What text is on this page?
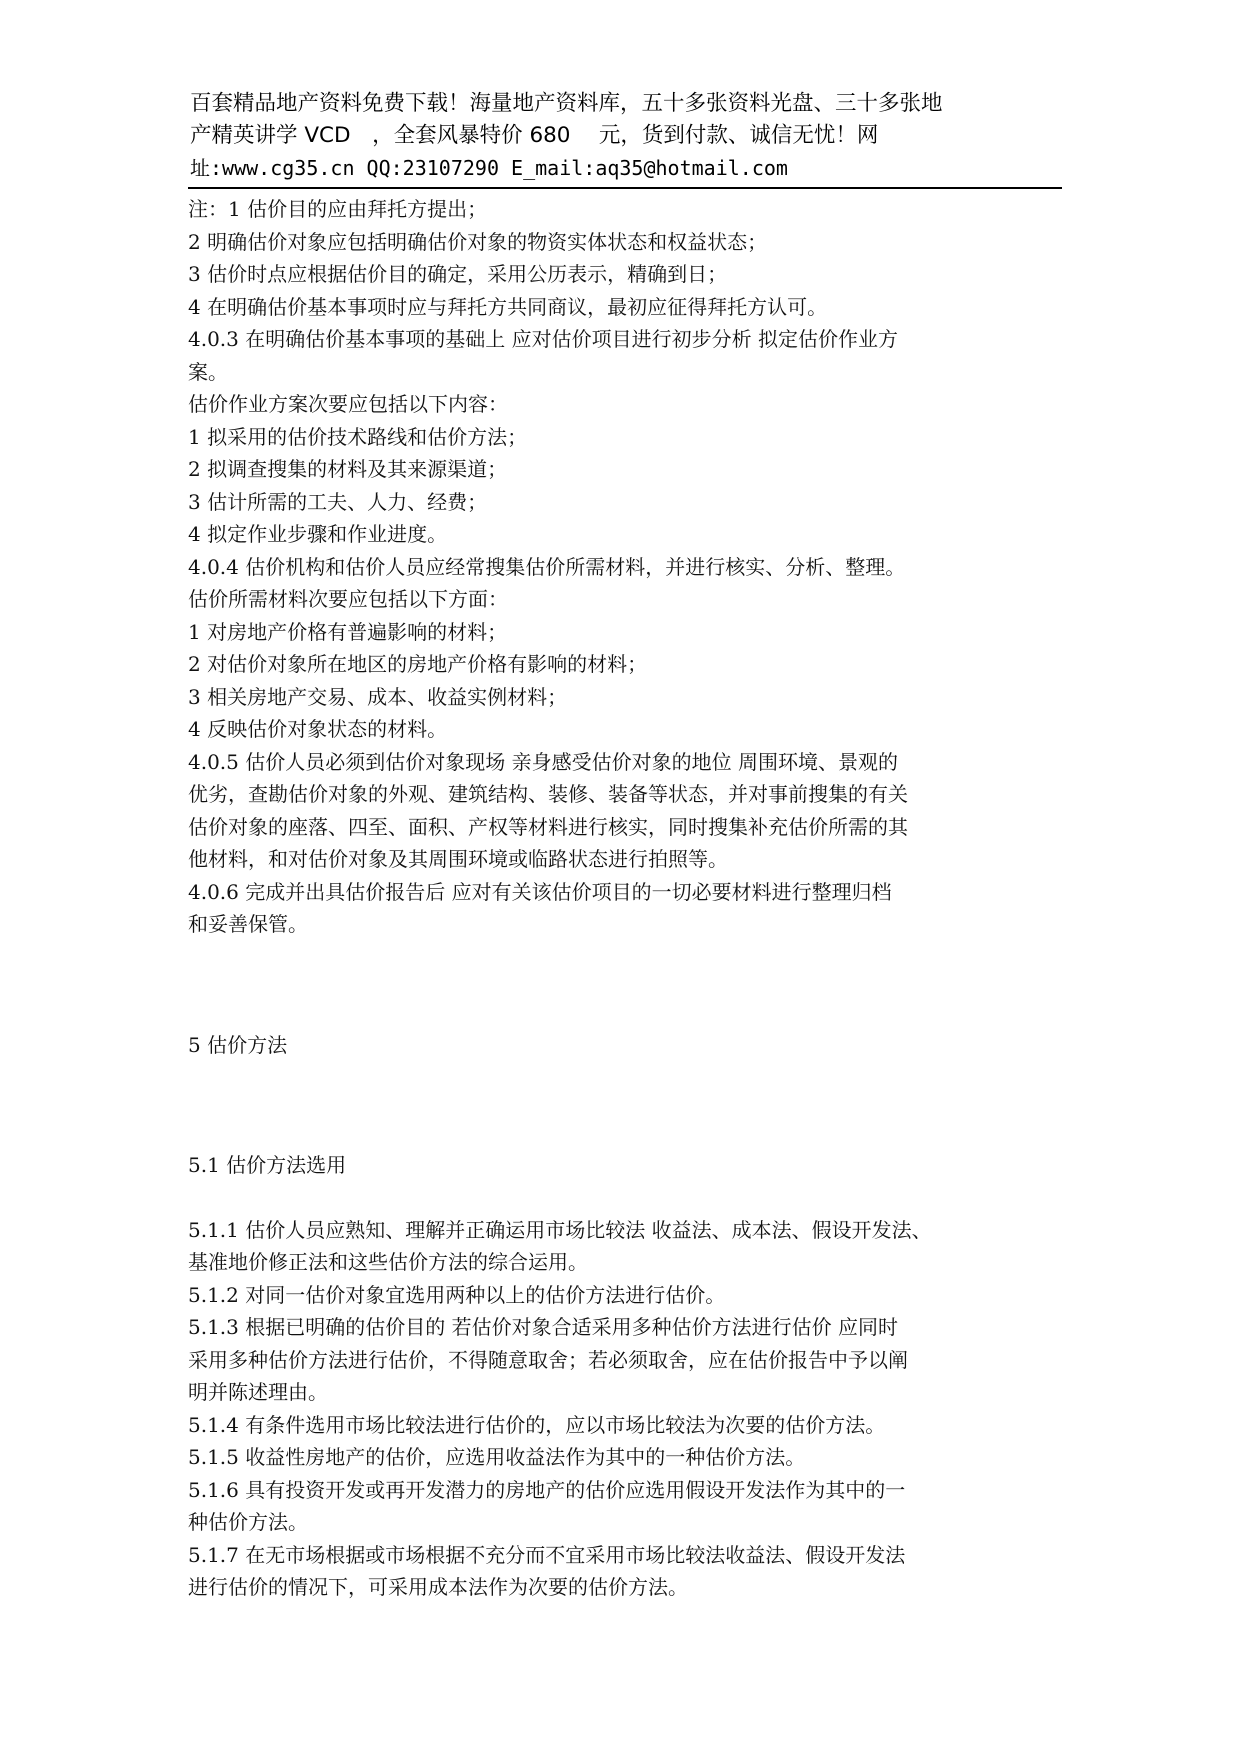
百套精品地产资料免费下载！海量地产资料库，五十多张资料光盘、三十多张地
产精英讲学 VCD　，全套风暴特价 680　 元，货到付款、诚信无忧！网
址:www.cg35.cn QQ:23107290 E_mail:aq35@hotmail.com

注：1 估价目的应由拜托方提出；

2 明确估价对象应包括明确估价对象的物资实体状态和权益状态；

3 估价时点应根据估价目的确定，采用公历表示，精确到日；

4 在明确估价基本事项时应与拜托方共同商议，最初应征得拜托方认可。

4.0.3 在明确估价基本事项的基础上 应对估价项目进行初步分析 拟定估价作业方

案。

估价作业方案次要应包括以下内容：

1 拟采用的估价技术路线和估价方法；

2 拟调查搜集的材料及其来源渠道；

3 估计所需的工夫、人力、经费；

4 拟定作业步骤和作业进度。

4.0.4 估价机构和估价人员应经常搜集估价所需材料，并进行核实、分析、整理。

估价所需材料次要应包括以下方面：

1 对房地产价格有普遍影响的材料；

2 对估价对象所在地区的房地产价格有影响的材料；

3 相关房地产交易、成本、收益实例材料；

4 反映估价对象状态的材料。

4.0.5 估价人员必须到估价对象现场 亲身感受估价对象的地位 周围环境、景观的

优劣，查勘估价对象的外观、建筑结构、装修、装备等状态，并对事前搜集的有关

估价对象的座落、四至、面积、产权等材料进行核实，同时搜集补充估价所需的其

他材料，和对估价对象及其周围环境或临路状态进行拍照等。

4.0.6 完成并出具估价报告后 应对有关该估价项目的一切必要材料进行整理归档

和妥善保管。

5 估价方法

5.1 估价方法选用

5.1.1 估价人员应熟知、理解并正确运用市场比较法 收益法、成本法、假设开发法、

基准地价修正法和这些估价方法的综合运用。

5.1.2 对同一估价对象宜选用两种以上的估价方法进行估价。

5.1.3 根据已明确的估价目的 若估价对象合适采用多种估价方法进行估价 应同时

采用多种估价方法进行估价，不得随意取舍；若必须取舍，应在估价报告中予以阐

明并陈述理由。

5.1.4 有条件选用市场比较法进行估价的，应以市场比较法为次要的估价方法。

5.1.5 收益性房地产的估价，应选用收益法作为其中的一种估价方法。

5.1.6 具有投资开发或再开发潜力的房地产的估价应选用假设开发法作为其中的一

种估价方法。

5.1.7 在无市场根据或市场根据不充分而不宜采用市场比较法收益法、假设开发法

进行估价的情况下，可采用成本法作为次要的估价方法。
